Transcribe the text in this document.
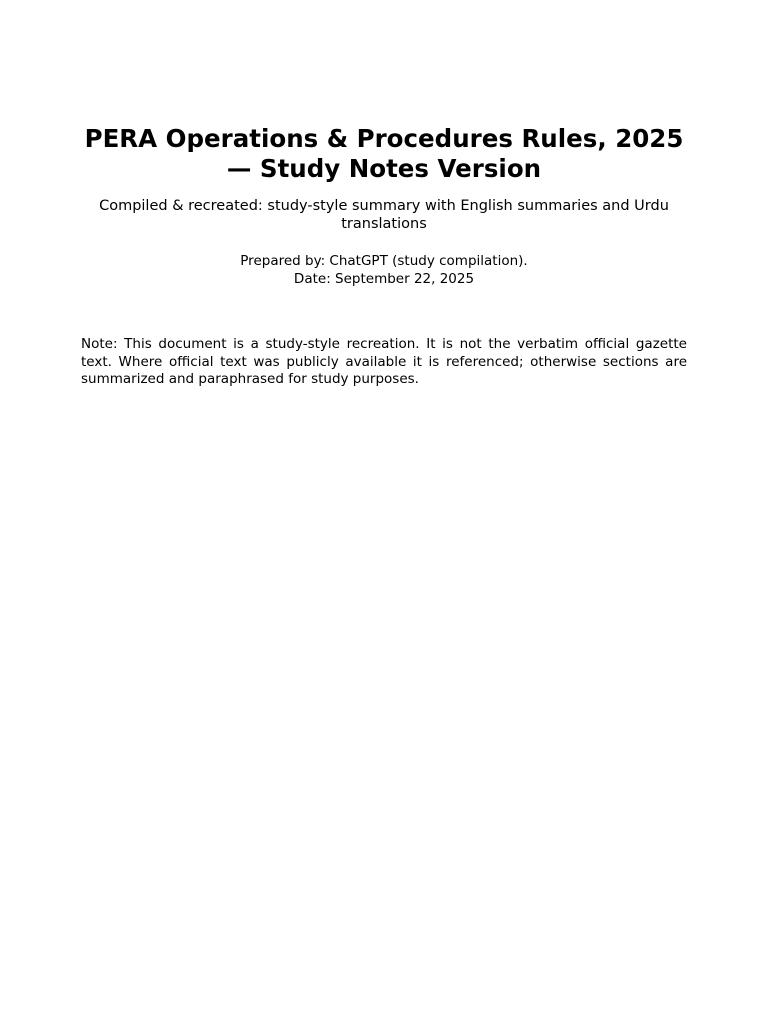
PERA Operations & Procedures Rules, 2025 — Study Notes Version

Compiled & recreated: study-style summary with English summaries and Urdu translations

Prepared by: ChatGPT (study compilation).
Date: September 22, 2025

Note: This document is a study-style recreation. It is not the verbatim official gazette text. Where official text was publicly available it is referenced; otherwise sections are summarized and paraphrased for study purposes.
